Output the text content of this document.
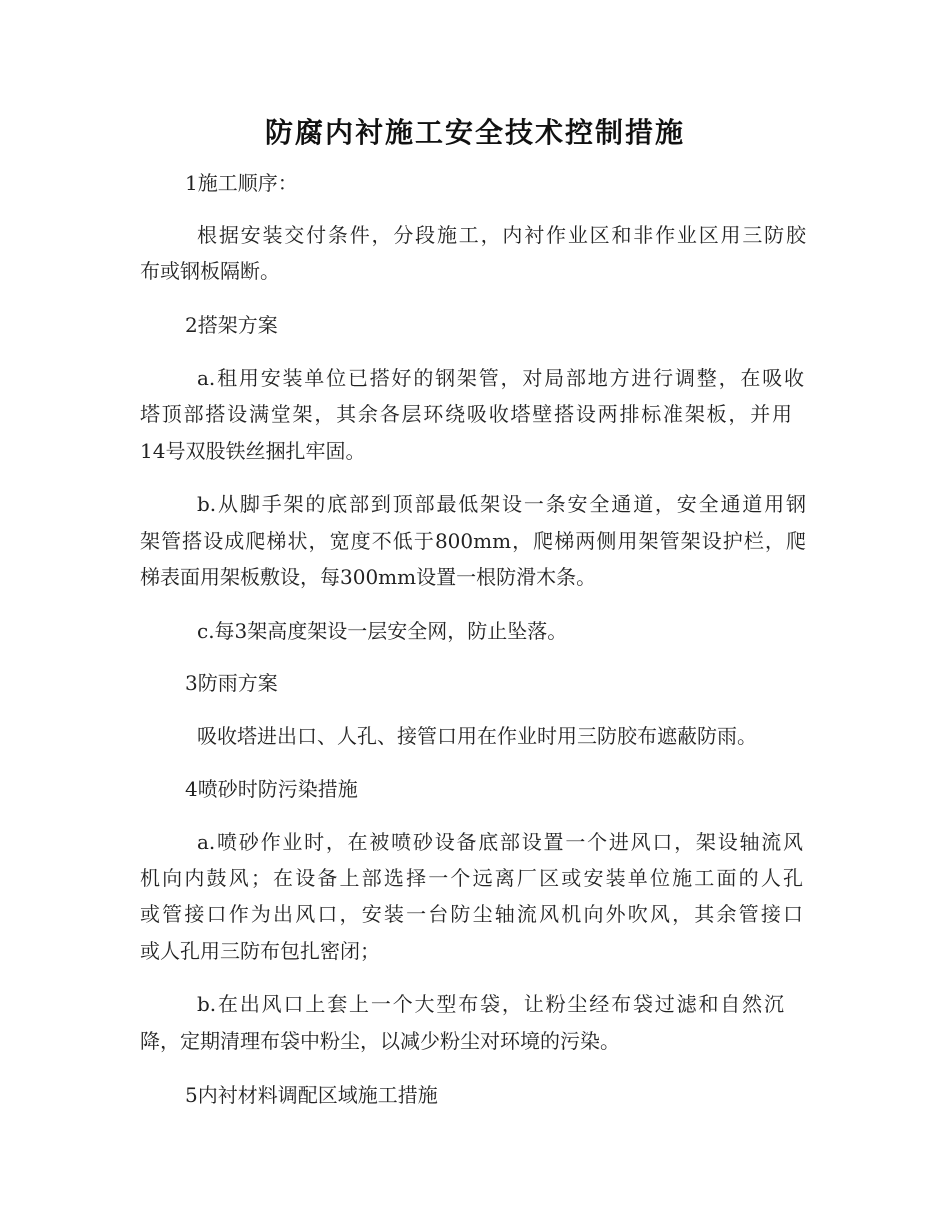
防腐内衬施工安全技术控制措施
1施工顺序：
根据安装交付条件，分段施工，内衬作业区和非作业区用三防胶
布或钢板隔断。
2搭架方案
a.租用安装单位已搭好的钢架管，对局部地方进行调整，在吸收
塔顶部搭设满堂架，其余各层环绕吸收塔壁搭设两排标准架板，并用
14号双股铁丝捆扎牢固。
b.从脚手架的底部到顶部最低架设一条安全通道，安全通道用钢
架管搭设成爬梯状，宽度不低于800mm，爬梯两侧用架管架设护栏，爬
梯表面用架板敷设，每300mm设置一根防滑木条。
c.每3架高度架设一层安全网，防止坠落。
3防雨方案
吸收塔进出口、人孔、接管口用在作业时用三防胶布遮蔽防雨。
4喷砂时防污染措施
a.喷砂作业时，在被喷砂设备底部设置一个进风口，架设轴流风
机向内鼓风；在设备上部选择一个远离厂区或安装单位施工面的人孔
或管接口作为出风口，安装一台防尘轴流风机向外吹风，其余管接口
或人孔用三防布包扎密闭；
b.在出风口上套上一个大型布袋，让粉尘经布袋过滤和自然沉
降，定期清理布袋中粉尘，以减少粉尘对环境的污染。
5内衬材料调配区域施工措施
